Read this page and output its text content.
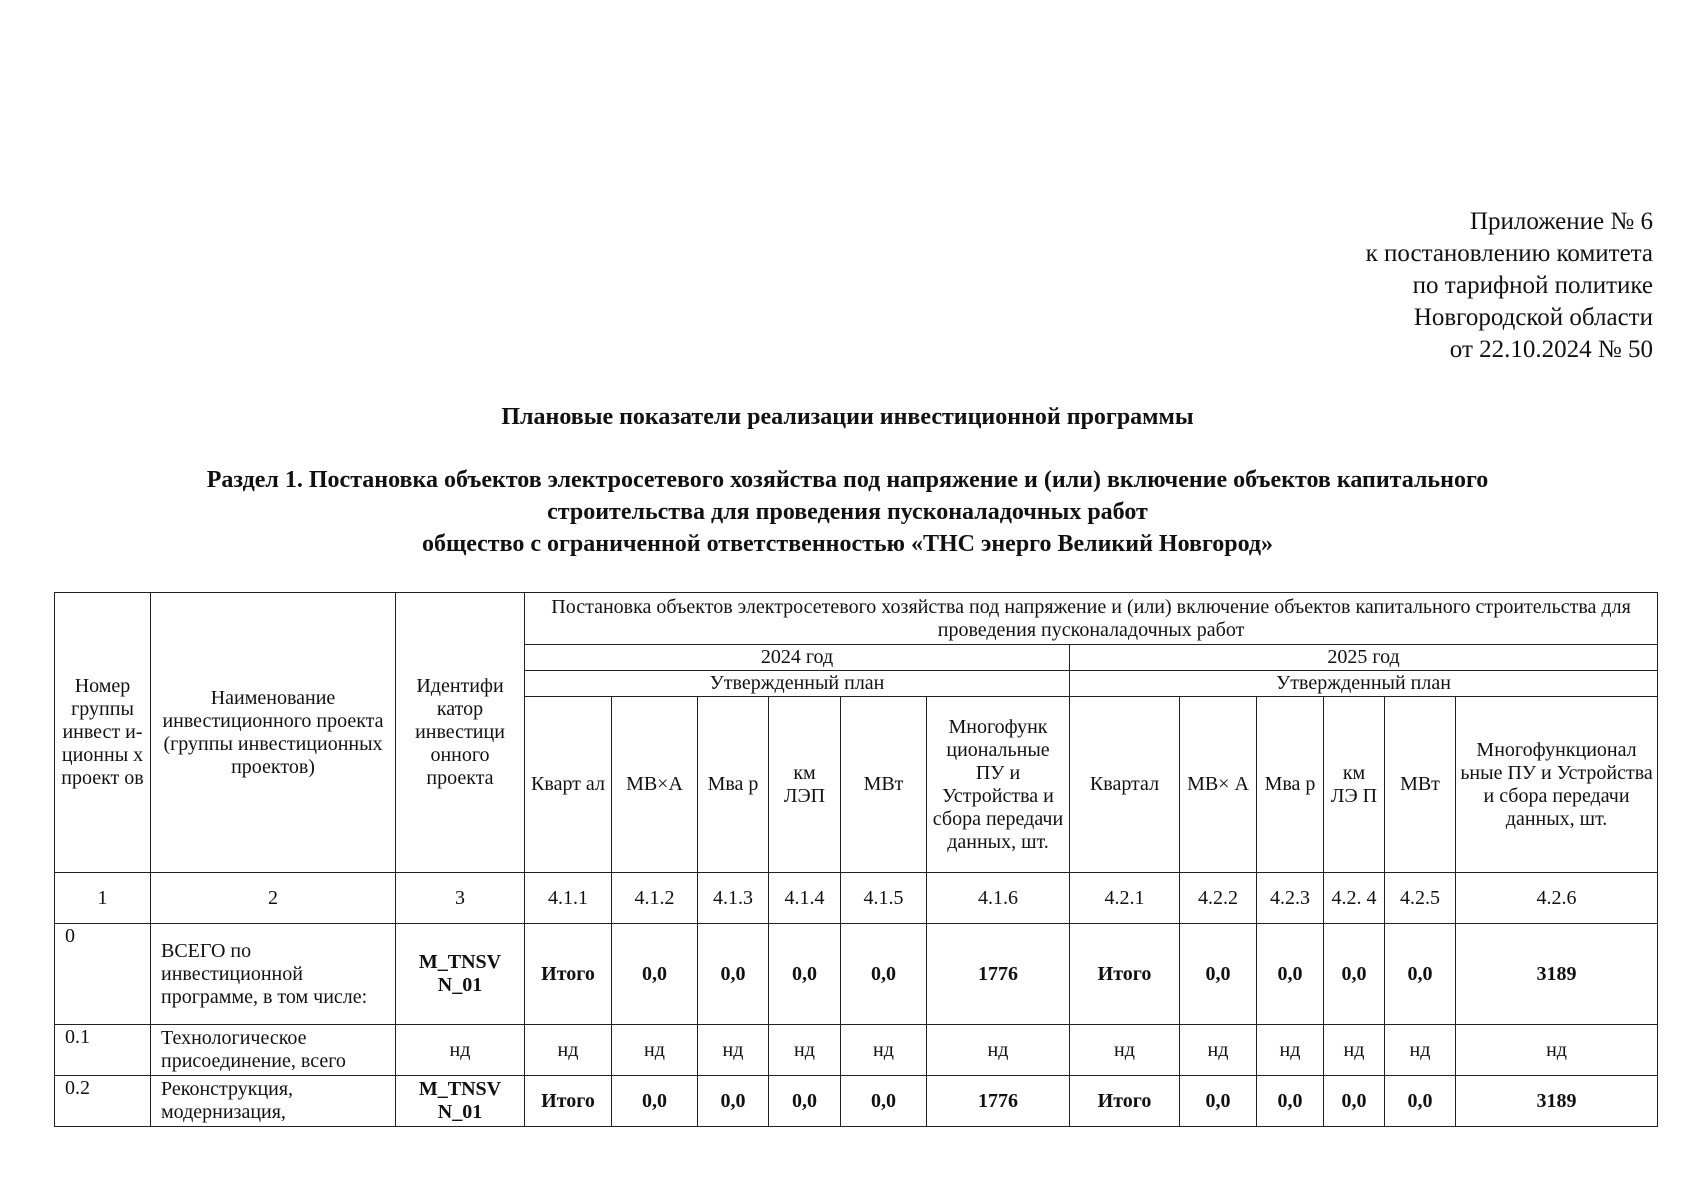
Приложение № 6
к постановлению комитета
по тарифной политике
Новгородской области
от 22.10.2024 № 50
Плановые показатели реализации инвестиционной программы
Раздел 1. Постановка объектов электросетевого хозяйства под напряжение и (или) включение объектов капитального
строительства для проведения пусконаладочных работ
общество с ограниченной ответственностью «ТНС энерго Великий Новгород»
Номер группы инвест и- ционны х проект ов	Наименование инвестиционного проекта (группы инвестиционных проектов)	Идентифи катор инвестици онного проекта	Постановка объектов электросетевого хозяйства под напряжение и (или) включение объектов капитального строительства для проведения пусконаладочных работ											
			2024 год						2025 год					
			Утвержденный план						Утвержденный план					
			Кварт ал	МВ×А	Мва р	км ЛЭП	МВт	Многофунк циональные ПУ и Устройства и сбора передачи данных, шт.	Квартал	МВ× А	Мва р	км ЛЭ П	МВт	Многофункционал ьные ПУ и Устройства и сбора передачи данных, шт.
1	2	3	4.1.1	4.1.2	4.1.3	4.1.4	4.1.5	4.1.6	4.2.1	4.2.2	4.2.3	4.2. 4	4.2.5	4.2.6
0	ВСЕГО по инвестиционной программе, в том числе:	M_TNSV N_01	Итого	0,0	0,0	0,0	0,0	1776	Итого	0,0	0,0	0,0	0,0	3189
0.1	Технологическое присоединение, всего	нд	нд	нд	нд	нд	нд	нд	нд	нд	нд	нд	нд	нд
0.2	Реконструкция, модернизация,	M_TNSV N_01	Итого	0,0	0,0	0,0	0,0	1776	Итого	0,0	0,0	0,0	0,0	3189
